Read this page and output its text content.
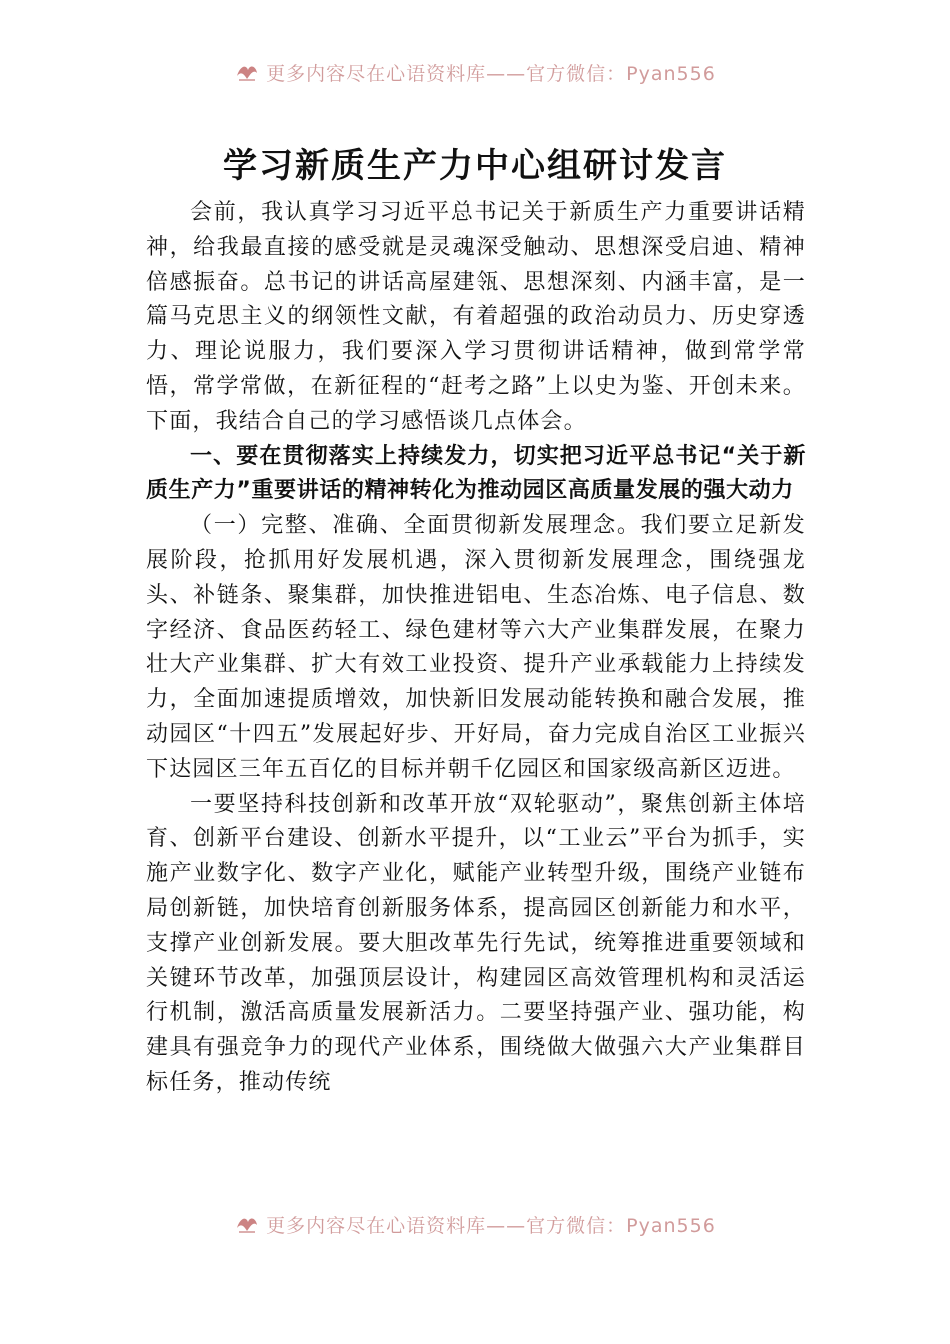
更多内容尽在心语资料库——官方微信：Pyan556
学习新质生产力中心组研讨发言

会前，我认真学习习近平总书记关于新质生产力重要讲话精神，给我最直接的感受就是灵魂深受触动、思想深受启迪、精神倍感振奋。总书记的讲话高屋建瓴、思想深刻、内涵丰富，是一篇马克思主义的纲领性文献，有着超强的政治动员力、历史穿透力、理论说服力，我们要深入学习贯彻讲话精神，做到常学常悟，常学常做，在新征程的“赶考之路”上以史为鉴、开创未来。下面，我结合自己的学习感悟谈几点体会。

一、要在贯彻落实上持续发力，切实把习近平总书记“关于新质生产力”重要讲话的精神转化为推动园区高质量发展的强大动力

（一）完整、准确、全面贯彻新发展理念。我们要立足新发展阶段，抢抓用好发展机遇，深入贯彻新发展理念，围绕强龙头、补链条、聚集群，加快推进铝电、生态冶炼、电子信息、数字经济、食品医药轻工、绿色建材等六大产业集群发展，在聚力壮大产业集群、扩大有效工业投资、提升产业承载能力上持续发力，全面加速提质增效，加快新旧发展动能转换和融合发展，推动园区“十四五”发展起好步、开好局，奋力完成自治区工业振兴下达园区三年五百亿的目标并朝千亿园区和国家级高新区迈进。

一要坚持科技创新和改革开放“双轮驱动”，聚焦创新主体培育、创新平台建设、创新水平提升，以“工业云”平台为抓手，实施产业数字化、数字产业化，赋能产业转型升级，围绕产业链布局创新链，加快培育创新服务体系，提高园区创新能力和水平，支撑产业创新发展。要大胆改革先行先试，统筹推进重要领域和关键环节改革，加强顶层设计，构建园区高效管理机构和灵活运行机制，激活高质量发展新活力。二要坚持强产业、强功能，构建具有强竞争力的现代产业体系，围绕做大做强六大产业集群目标任务，推动传统

更多内容尽在心语资料库——官方微信：Pyan556
